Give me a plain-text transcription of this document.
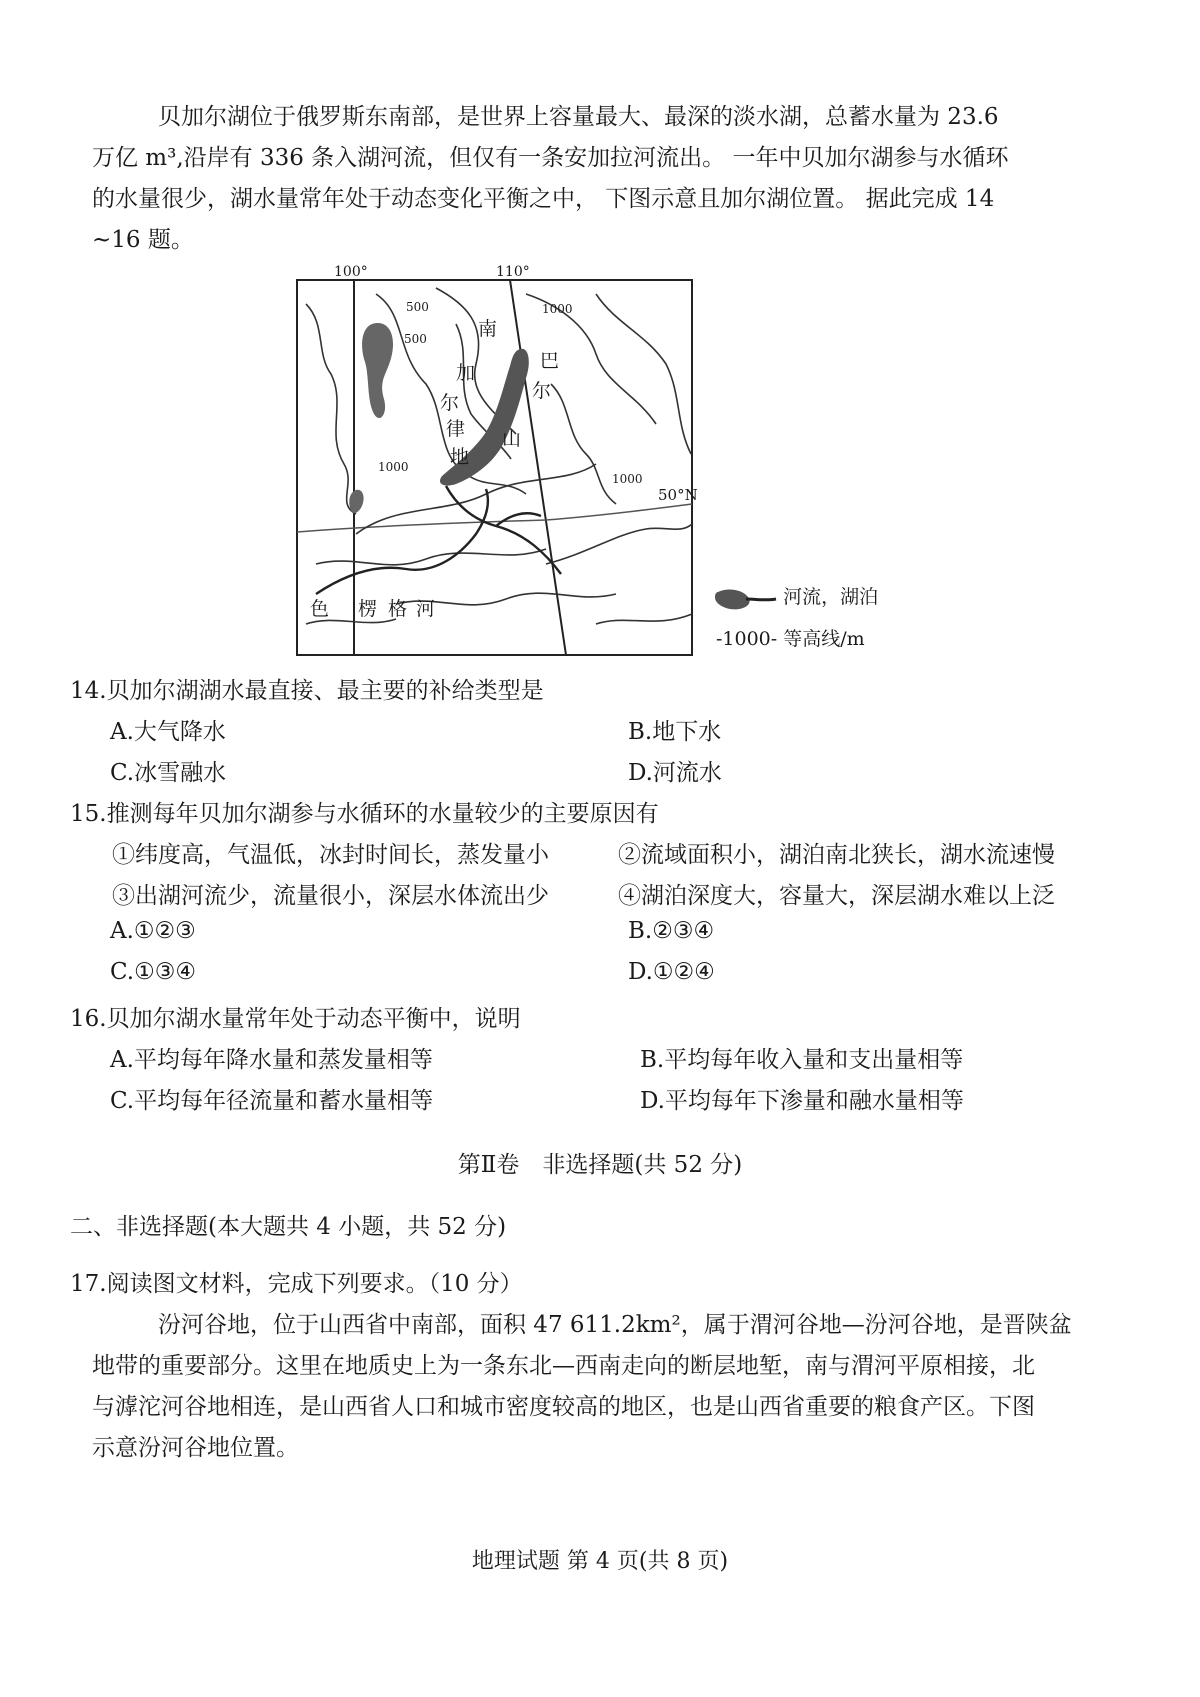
贝加尔湖位于俄罗斯东南部，是世界上容量最大、最深的淡水湖，总蓄水量为 23.6
万亿 m³,沿岸有 336 条入湖河流，但仅有一条安加拉河流出。 一年中贝加尔湖参与水循环
的水量很少，湖水量常年处于动态变化平衡之中， 下图示意且加尔湖位置。 据此完成 14
~16 题。
100°	110°
50°N
500
500
1000
1000
1000
南
加
尔
律
地
巴
尔
山
色 楞 格 河
河流，湖泊
-1000- 等高线/m
14.贝加尔湖湖水最直接、最主要的补给类型是
A.大气降水	B.地下水
C.冰雪融水	D.河流水
15.推测每年贝加尔湖参与水循环的水量较少的主要原因有
①纬度高，气温低，冰封时间长，蒸发量小	②流域面积小，湖泊南北狭长，湖水流速慢
③出湖河流少，流量很小，深层水体流出少	④湖泊深度大，容量大，深层湖水难以上泛
A.①②③	B.②③④
C.①③④	D.①②④
16.贝加尔湖水量常年处于动态平衡中，说明
A.平均每年降水量和蒸发量相等	B.平均每年收入量和支出量相等
C.平均每年径流量和蓄水量相等	D.平均每年下渗量和融水量相等
第Ⅱ卷　非选择题(共 52 分)
二、非选择题(本大题共 4 小题，共 52 分)
17.阅读图文材料，完成下列要求。（10 分）
汾河谷地，位于山西省中南部，面积 47 611.2km²，属于渭河谷地—汾河谷地，是晋陕盆
地带的重要部分。这里在地质史上为一条东北—西南走向的断层地堑，南与渭河平原相接，北
与滹沱河谷地相连，是山西省人口和城市密度较高的地区，也是山西省重要的粮食产区。下图
示意汾河谷地位置。
地理试题 第 4 页(共 8 页)
